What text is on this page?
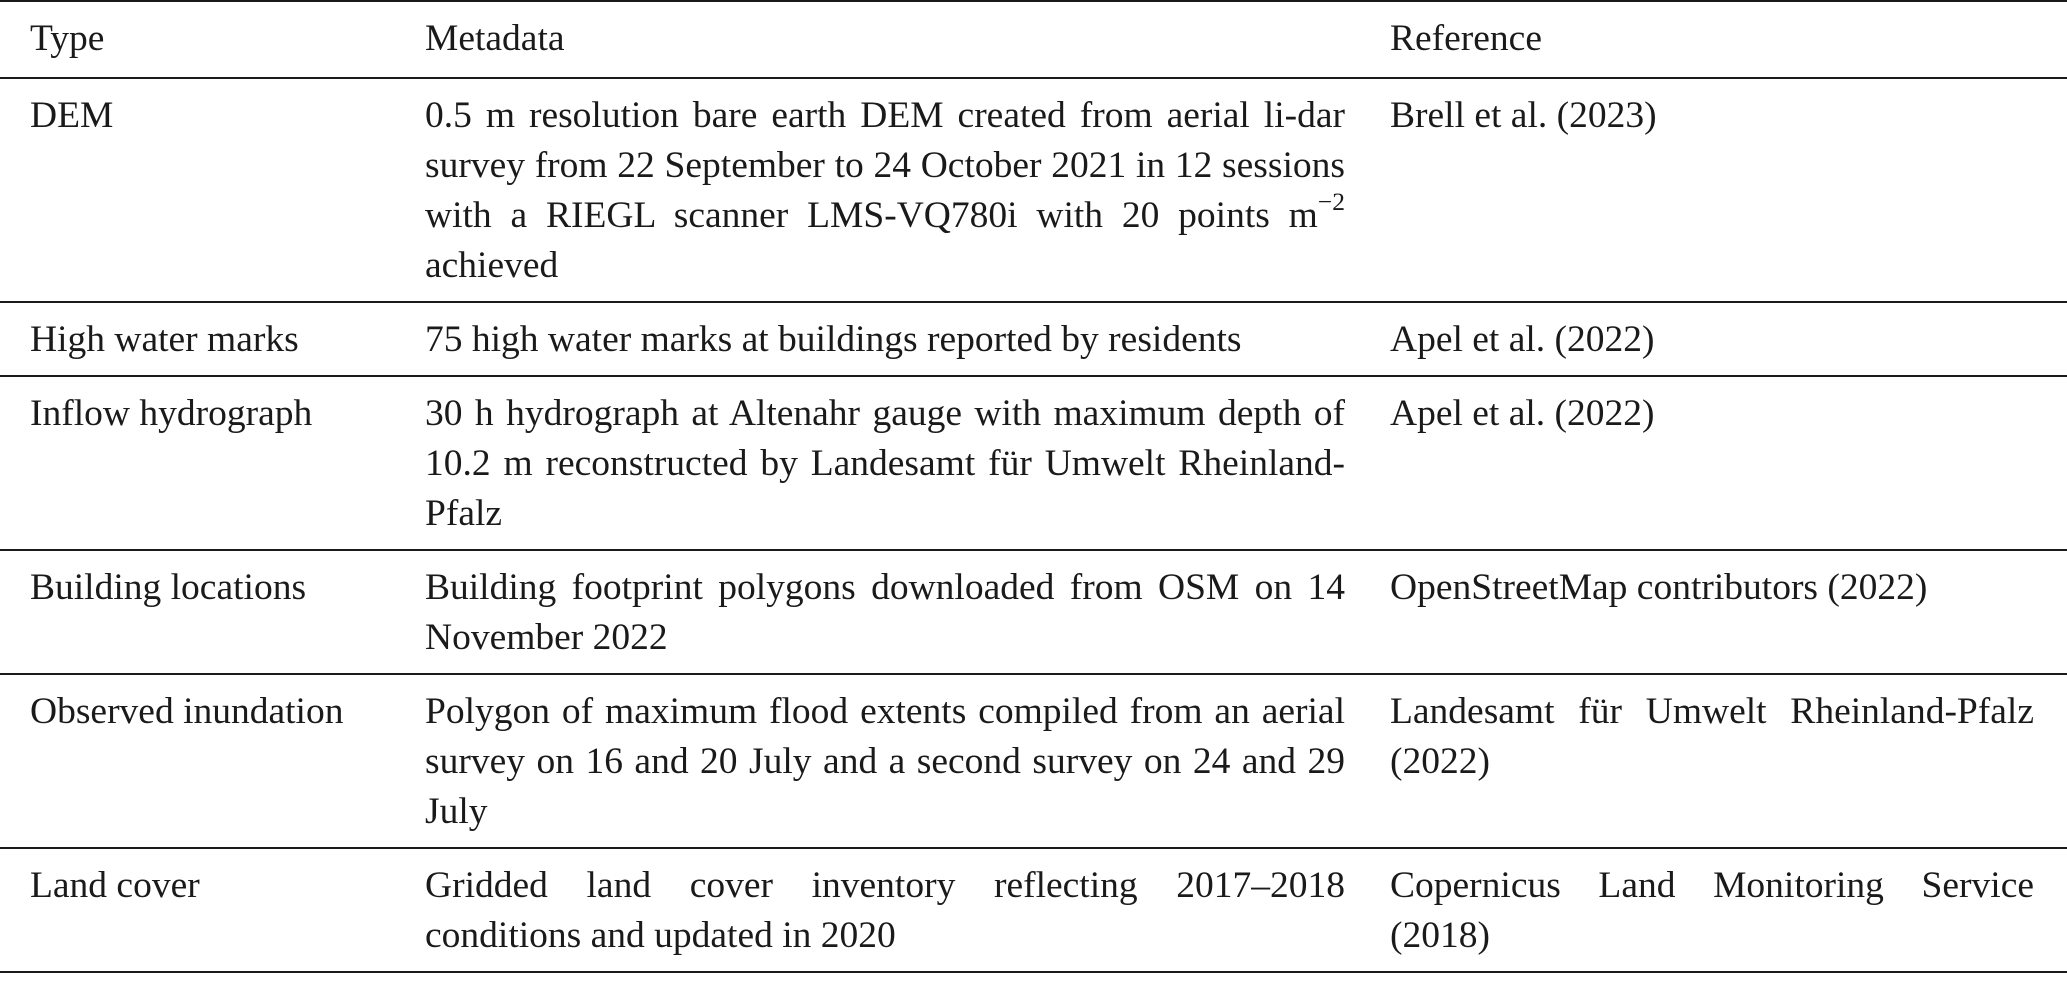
Type	Metadata	Reference
DEM	0.5 m resolution bare earth DEM created from aerial li-dar survey from 22 September to 24 October 2021 in 12 sessions with a RIEGL scanner LMS-VQ780i with 20 points $m^{-2}$ achieved	Brell et al. (2023)

High water marks	75 high water marks at buildings reported by residents	Apel et al. (2022)

Inflow hydrograph	30 h hydrograph at Altenahr gauge with maximum depth of 10.2 m reconstructed by Landesamt für Umwelt Rheinland-Pfalz	Apel et al. (2022)

Building locations	Building footprint polygons downloaded from OSM on 14 November 2022	OpenStreetMap contributors (2022)

Observed inundation	Polygon of maximum flood extents compiled from an aerial survey on 16 and 20 July and a second survey on 24 and 29 July	Landesamt für Umwelt Rheinland-Pfalz (2022)

Land cover	Gridded land cover inventory reflecting 2017–2018 conditions and updated in 2020	Copernicus Land Monitoring Service (2018)
